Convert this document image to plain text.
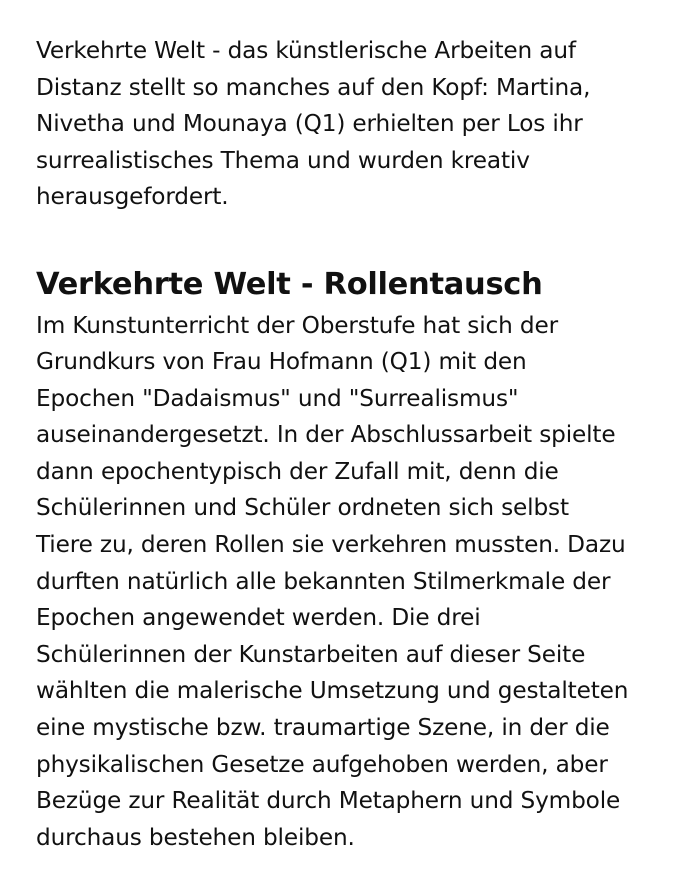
Verkehrte Welt - das künstlerische Arbeiten auf
Distanz stellt so manches auf den Kopf: Martina,
Nivetha und Mounaya (Q1) erhielten per Los ihr
surrealistisches Thema und wurden kreativ
herausgefordert.

Verkehrte Welt - Rollentausch

Im Kunstunterricht der Oberstufe hat sich der
Grundkurs von Frau Hofmann (Q1) mit den
Epochen "Dadaismus" und "Surrealismus"
auseinandergesetzt. In der Abschlussarbeit spielte
dann epochentypisch der Zufall mit, denn die
Schülerinnen und Schüler ordneten sich selbst
Tiere zu, deren Rollen sie verkehren mussten. Dazu
durften natürlich alle bekannten Stilmerkmale der
Epochen angewendet werden. Die drei
Schülerinnen der Kunstarbeiten auf dieser Seite
wählten die malerische Umsetzung und gestalteten
eine mystische bzw. traumartige Szene, in der die
physikalischen Gesetze aufgehoben werden, aber
Bezüge zur Realität durch Metaphern und Symbole
durchaus bestehen bleiben.
